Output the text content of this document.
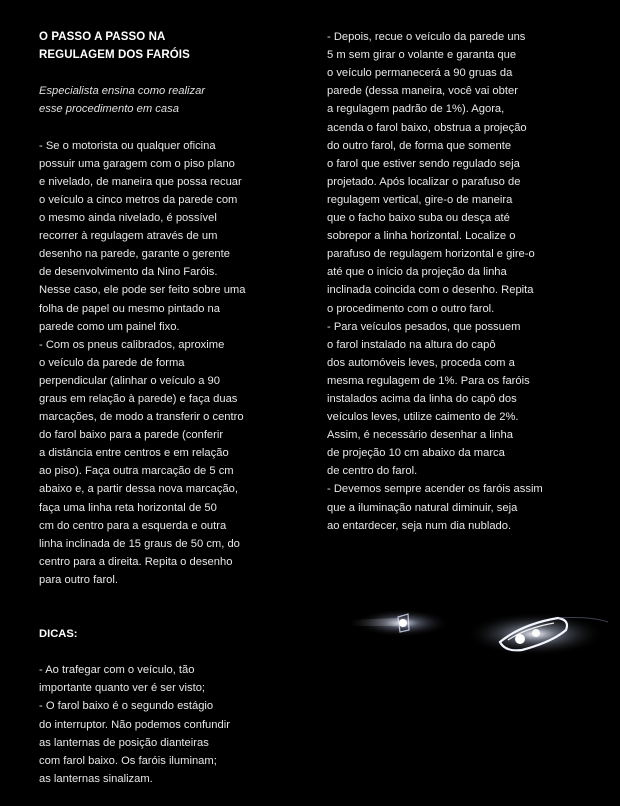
O PASSO A PASSO NA
REGULAGEM DOS FARÓIS

Especialista ensina como realizar
esse procedimento em casa

- Se o motorista ou qualquer oficina
possuir uma garagem com o piso plano
e nivelado, de maneira que possa recuar
o veículo a cinco metros da parede com
o mesmo ainda nivelado, é possível
recorrer à regulagem através de um
desenho na parede, garante o gerente
de desenvolvimento da Nino Faróis.
Nesse caso, ele pode ser feito sobre uma
folha de papel ou mesmo pintado na
parede como um painel fixo.
- Com os pneus calibrados, aproxime
o veículo da parede de forma
perpendicular (alinhar o veículo a 90
graus em relação à parede) e faça duas
marcações, de modo a transferir o centro
do farol baixo para a parede (conferir
a distância entre centros e em relação
ao piso). Faça outra marcação de 5 cm
abaixo e, a partir dessa nova marcação,
faça uma linha reta horizontal de 50
cm do centro para a esquerda e outra
linha inclinada de 15 graus de 50 cm, do
centro para a direita. Repita o desenho
para outro farol.

DICAS:

- Ao trafegar com o veículo, tão
importante quanto ver é ser visto;
- O farol baixo é o segundo estágio
do interruptor. Não podemos confundir
as lanternas de posição dianteiras
com farol baixo. Os faróis iluminam;
as lanternas sinalizam.

- Depois, recue o veículo da parede uns
5 m sem girar o volante e garanta que
o veículo permanecerá a 90 gruas da
parede (dessa maneira, você vai obter
a regulagem padrão de 1%). Agora,
acenda o farol baixo, obstrua a projeção
do outro farol, de forma que somente
o farol que estiver sendo regulado seja
projetado. Após localizar o parafuso de
regulagem vertical, gire-o de maneira
que o facho baixo suba ou desça até
sobrepor a linha horizontal. Localize o
parafuso de regulagem horizontal e gire-o
até que o início da projeção da linha
inclinada coincida com o desenho. Repita
o procedimento com o outro farol.
- Para veículos pesados, que possuem
o farol instalado na altura do capô
dos automóveis leves, proceda com a
mesma regulagem de 1%. Para os faróis
instalados acima da linha do capô dos
veículos leves, utilize caimento de 2%.
Assim, é necessário desenhar a linha
de projeção 10 cm abaixo da marca
de centro do farol.
- Devemos sempre acender os faróis assim
que a iluminação natural diminuir, seja
ao entardecer, seja num dia nublado.
